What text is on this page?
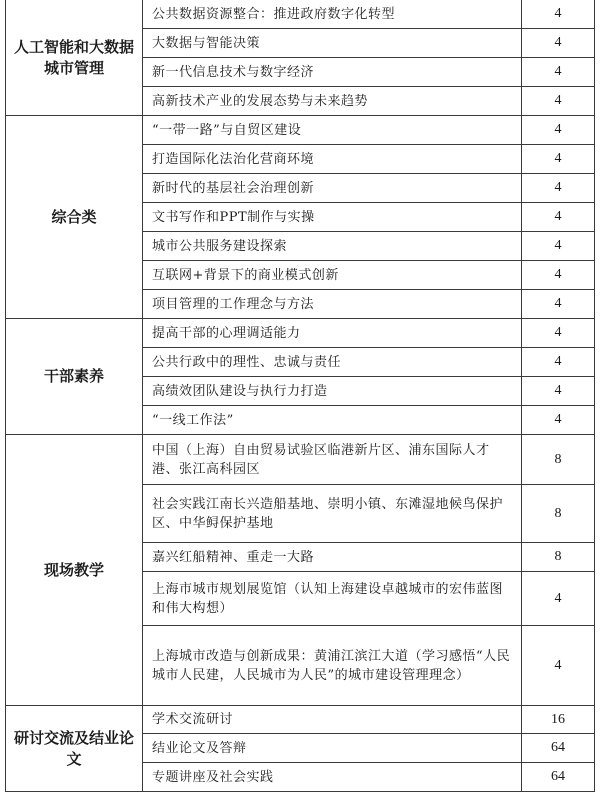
人工智能和大数据城市管理	公共数据资源整合：推进政府数字化转型	4
	大数据与智能决策	4
	新一代信息技术与数字经济	4
	高新技术产业的发展态势与未来趋势	4
综合类	“一带一路”与自贸区建设	4
	打造国际化法治化营商环境	4
	新时代的基层社会治理创新	4
	文书写作和PPT制作与实操	4
	城市公共服务建设探索	4
	互联网+背景下的商业模式创新	4
	项目管理的工作理念与方法	4
干部素养	提高干部的心理调适能力	4
	公共行政中的理性、忠诚与责任	4
	高绩效团队建设与执行力打造	4
	“一线工作法”	4
现场教学	中国（上海）自由贸易试验区临港新片区、浦东国际人才港、张江高科园区	8
	社会实践江南长兴造船基地、崇明小镇、东滩湿地候鸟保护区、中华鲟保护基地	8
	嘉兴红船精神、重走一大路	8
	上海市城市规划展览馆（认知上海建设卓越城市的宏伟蓝图和伟大构想）	4
	上海城市改造与创新成果：黄浦江滨江大道（学习感悟“人民城市人民建，人民城市为人民”的城市建设管理理念）	4
研讨交流及结业论文	学术交流研讨	16
	结业论文及答辩	64
	专题讲座及社会实践	64
